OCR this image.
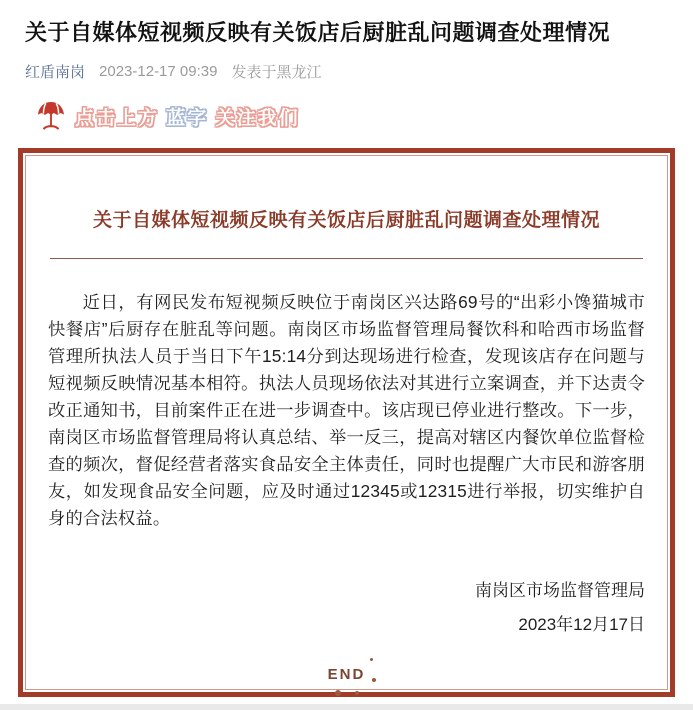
关于自媒体短视频反映有关饭店后厨脏乱问题调查处理情况
红盾南岗 2023-12-17 09:39 发表于黑龙江
点击上方 蓝字 关注我们
关于自媒体短视频反映有关饭店后厨脏乱问题调查处理情况

近日，有网民发布短视频反映位于南岗区兴达路69号的“出彩小馋猫城市快餐店”后厨存在脏乱等问题。南岗区市场监督管理局餐饮科和哈西市场监督管理所执法人员于当日下午15:14分到达现场进行检查，发现该店存在问题与短视频反映情况基本相符。执法人员现场依法对其进行立案调查，并下达责令改正通知书，目前案件正在进一步调查中。该店现已停业进行整改。下一步，南岗区市场监督管理局将认真总结、举一反三，提高对辖区内餐饮单位监督检查的频次，督促经营者落实食品安全主体责任，同时也提醒广大市民和游客朋友，如发现食品安全问题，应及时通过12345或12315进行举报，切实维护自身的合法权益。

南岗区市场监督管理局
2023年12月17日
END
